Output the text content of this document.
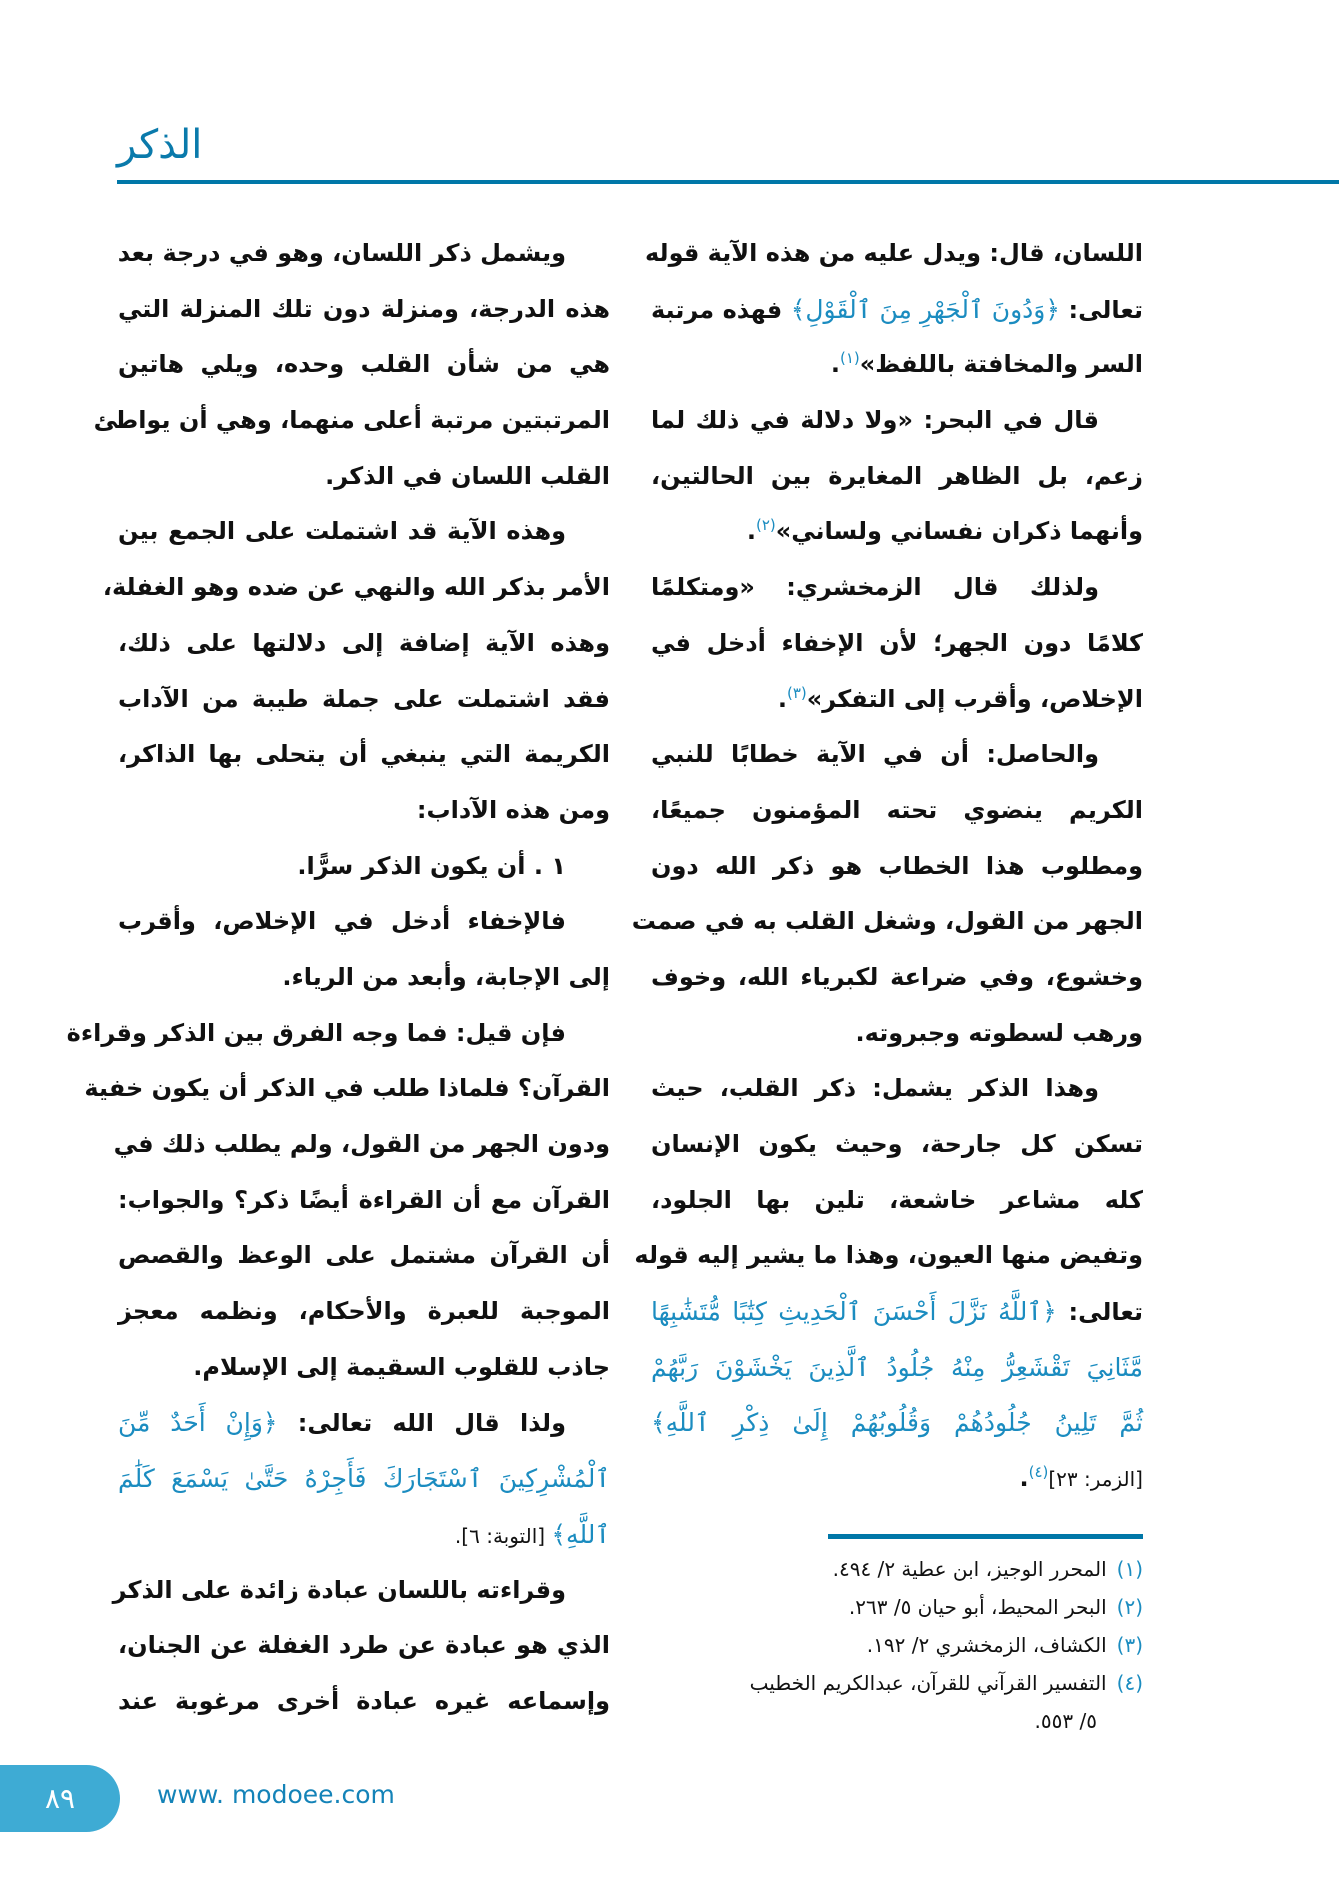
الذكر
اللسان، قال: ويدل عليه من هذه الآية قوله
تعالى: ﴿وَدُونَ ٱلْجَهْرِ مِنَ ٱلْقَوْلِ﴾ فهذه مرتبة
السر والمخافتة باللفظ»$^{(١)}$.
قال في البحر: «ولا دلالة في ذلك لما
زعم، بل الظاهر المغايرة بين الحالتين،
وأنهما ذكران نفساني ولساني»$^{(٢)}$.
ولذلك قال الزمخشري: «ومتكلمًا
كلامًا دون الجهر؛ لأن الإخفاء أدخل في
الإخلاص، وأقرب إلى التفكر»$^{(٣)}$.
والحاصل: أن في الآية خطابًا للنبي
الكريم ينضوي تحته المؤمنون جميعًا،
ومطلوب هذا الخطاب هو ذكر الله دون
الجهر من القول، وشغل القلب به في صمت
وخشوع، وفي ضراعة لكبرياء الله، وخوف
ورهب لسطوته وجبروته.
وهذا الذكر يشمل: ذكر القلب، حيث
تسكن كل جارحة، وحيث يكون الإنسان
كله مشاعر خاشعة، تلين بها الجلود،
وتفيض منها العيون، وهذا ما يشير إليه قوله
تعالى: ﴿ٱللَّهُ نَزَّلَ أَحْسَنَ ٱلْحَدِيثِ كِتَٰبًا مُّتَشَٰبِهًا
مَّثَانِيَ تَقْشَعِرُّ مِنْهُ جُلُودُ ٱلَّذِينَ يَخْشَوْنَ رَبَّهُمْ
ثُمَّ تَلِينُ جُلُودُهُمْ وَقُلُوبُهُمْ إِلَىٰ ذِكْرِ ٱللَّهِ﴾
[الزمر: ٢٣]$^{(٤)}$.
ويشمل ذكر اللسان، وهو في درجة بعد
هذه الدرجة، ومنزلة دون تلك المنزلة التي
هي من شأن القلب وحده، ويلي هاتين
المرتبتين مرتبة أعلى منهما، وهي أن يواطئ
القلب اللسان في الذكر.
وهذه الآية قد اشتملت على الجمع بين
الأمر بذكر الله والنهي عن ضده وهو الغفلة،
وهذه الآية إضافة إلى دلالتها على ذلك،
فقد اشتملت على جملة طيبة من الآداب
الكريمة التي ينبغي أن يتحلى بها الذاكر،
ومن هذه الآداب:
١ . أن يكون الذكر سرًّا.
فالإخفاء أدخل في الإخلاص، وأقرب
إلى الإجابة، وأبعد من الرياء.
فإن قيل: فما وجه الفرق بين الذكر وقراءة
القرآن؟ فلماذا طلب في الذكر أن يكون خفية
ودون الجهر من القول، ولم يطلب ذلك في
القرآن مع أن القراءة أيضًا ذكر؟ والجواب:
أن القرآن مشتمل على الوعظ والقصص
الموجبة للعبرة والأحكام، ونظمه معجز
جاذب للقلوب السقيمة إلى الإسلام.
ولذا قال الله تعالى: ﴿وَإِنْ أَحَدٌ مِّنَ
ٱلْمُشْرِكِينَ ٱسْتَجَارَكَ فَأَجِرْهُ حَتَّىٰ يَسْمَعَ كَلَٰمَ
ٱللَّهِ﴾ [التوبة: ٦].
وقراءته باللسان عبادة زائدة على الذكر
الذي هو عبادة عن طرد الغفلة عن الجنان،
وإسماعه غيره عبادة أخرى مرغوبة عند
(١)المحرر الوجيز، ابن عطية ٢/ ٤٩٤.
(٢)البحر المحيط، أبو حيان ٥/ ٢٦٣.
(٣)الكشاف، الزمخشري ٢/ ١٩٢.
(٤)التفسير القرآني للقرآن، عبدالكريم الخطيب
٥/ ٥٥٣.
٨٩	www. modoee.com
